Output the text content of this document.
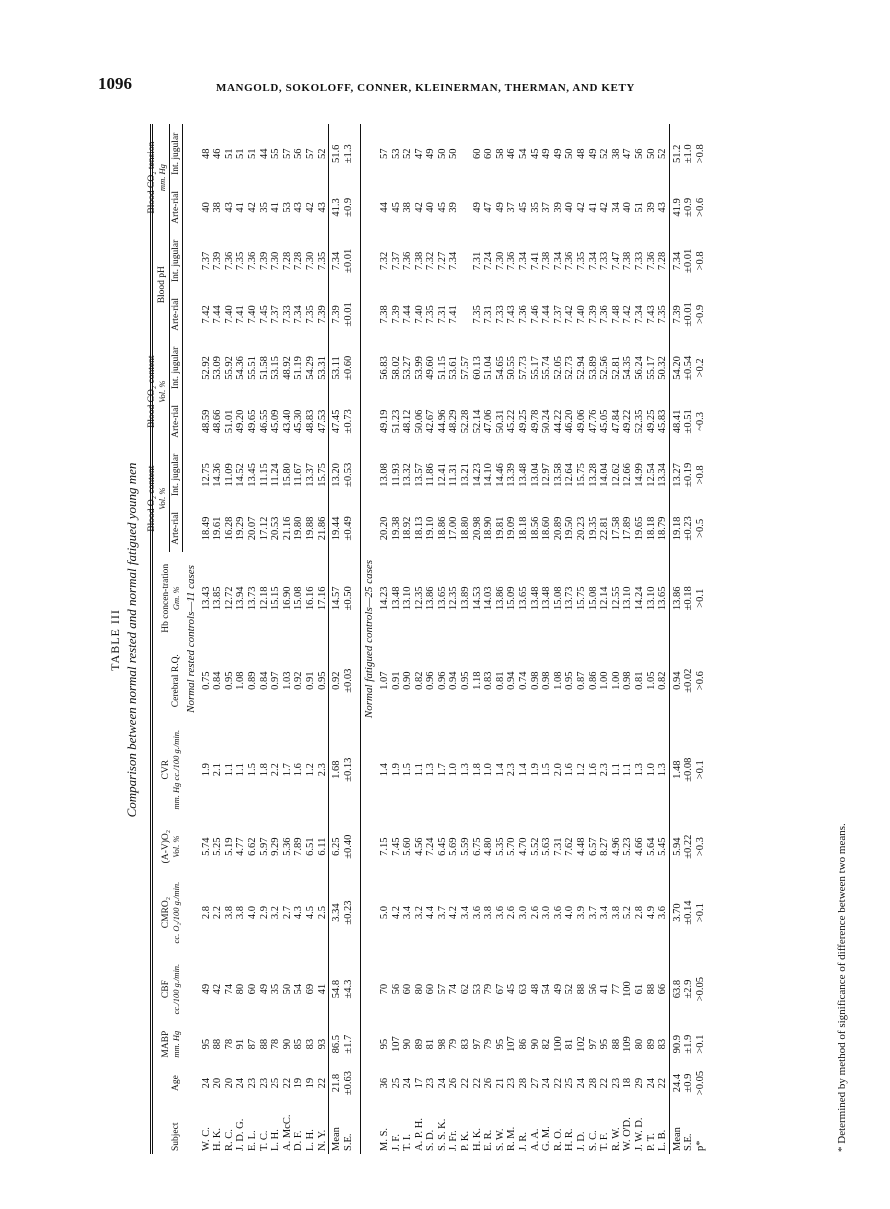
1096	MANGOLD, SOKOLOFF, CONNER, KLEINERMAN, THERMAN, AND KETY
TABLE III Comparison between normal rested and normal fatigued young men
Subject	Age	MABP mm. Hg	CBF cc./100 g./min.	CMRO₂ cc. O₂/100 g./min.	(A-V)O₂ Vol. %	CVR mm. Hg cc./100 g./min.	Cerebral R.Q.	Hb concen-tration Gm. %	Blood O₂ content Vol. %		Blood CO₂ content Vol. %		Blood pH		Blood CO₂ tension mm. Hg	

									Arte-rial	Int. jugular	Arte-rial	Int. jugular	Arte-rial	Int. jugular	Arte-rial	Int. jugular
Normal rested controls—11 cases																
W. C.	24	95	49	2.8	5.74	1.9	0.75	13.43	18.49	12.75	48.59	52.92	7.42	7.37	40	48
H. K.	20	88	42	2.2	5.25	2.1	0.84	13.85	19.61	14.36	48.66	53.09	7.44	7.39	38	46
R. C.	20	78	74	3.8	5.19	1.1	0.95	12.72	16.28	11.09	51.01	55.92	7.40	7.36	43	51
J. D. G.	24	91	80	3.8	4.77	1.1	1.08	13.94	19.29	14.52	49.20	54.36	7.41	7.35	41	51
E. L.	23	87	60	4.0	6.62	1.5	0.89	13.73	20.07	13.45	49.65	55.51	7.40	7.36	42	51
T. C.	23	88	49	2.9	5.97	1.8	0.84	12.18	17.12	11.15	46.55	51.58	7.45	7.39	35	44
L. H.	25	78	35	3.2	9.29	2.2	0.97	15.15	20.53	11.24	45.09	53.15	7.37	7.30	41	55
A. McC.	22	90	50	2.7	5.36	1.7	1.03	16.90	21.16	15.80	43.40	48.92	7.33	7.28	53	57
D. F.	19	85	54	4.3	7.89	1.6	0.92	15.08	19.80	11.67	45.30	51.19	7.34	7.28	43	56
L. H.	19	83	69	4.5	6.51	1.2	0.91	16.16	19.88	13.37	48.83	54.29	7.35	7.30	42	57
N. Y.	22	93	41	2.5	6.11	2.3	0.95	17.16	21.86	15.75	47.53	53.31	7.39	7.35	43	52
Mean	21.8	86.5	54.8	3.34	6.25	1.68	0.92	14.57	19.44	13.20	47.45	53.11	7.39	7.34	41.3	51.6
S.E.	±0.63	±1.7	±4.3	±0.23	±0.40	±0.13	±0.03	±0.50	±0.49	±0.53	±0.73	±0.60	±0.01	±0.01	±0.9	±1.3

Normal fatigued controls—25 cases																
M. S.	36	95	70	5.0	7.15	1.4	1.07	14.23	20.20	13.08	49.19	56.83	7.38	7.32	44	57
J. F.	25	107	56	4.2	7.45	1.9	0.91	13.48	19.38	11.93	51.23	58.02	7.39	7.37	45	53
T. I.	24	90	60	3.4	5.60	1.5	0.90	13.10	18.92	13.32	48.12	53.27	7.44	7.36	38	52
A. P. H.	17	89	80	3.2	4.56	1.1	0.82	12.35	18.13	13.57	50.06	53.99	7.40	7.38	42	47
S. D.	23	81	60	4.4	7.24	1.3	0.96	13.86	19.10	11.86	42.67	49.60	7.35	7.32	40	49
S. S. K.	24	98	57	3.7	6.45	1.7	0.96	13.65	18.86	12.41	44.96	51.15	7.31	7.27	45	50
J. Fr.	26	79	74	4.2	5.69	1.0	0.94	12.35	17.00	11.31	48.29	53.61	7.41	7.34	39	50
P. K.	22	83	62	3.4	5.59	1.3	0.95	13.89	18.80	13.21	52.28	57.57				
H. K.	22	97	53	3.6	6.75	1.8	1.18	14.53	20.98	14.23	52.14	60.13	7.35	7.31	49	60
E. R.	26	79	79	3.8	4.80	1.0	0.83	14.03	18.90	14.10	47.06	51.04	7.31	7.24	47	60
S. W.	21	95	67	3.6	5.35	1.4	0.81	13.86	19.81	14.46	50.31	54.65	7.33	7.30	49	58
R. M.	23	107	45	2.6	5.70	2.3	0.94	15.09	19.09	13.39	45.22	50.55	7.43	7.36	37	46
J. R.	28	86	63	3.0	4.70	1.4	0.74	13.65	18.18	13.48	49.25	57.73	7.36	7.34	45	54
A. A.	27	90	48	2.6	5.52	1.9	0.98	13.48	18.56	13.04	49.78	55.17	7.46	7.41	35	45
G. M.	24	82	54	3.0	5.63	1.5	0.98	13.48	18.60	12.97	50.24	55.74	7.44	7.38	37	49
R. O.	22	100	49	3.6	7.31	2.0	1.08	15.08	20.89	13.58	44.22	52.05	7.37	7.34	39	49
H. R.	25	81	52	4.0	7.62	1.6	0.95	13.73	19.50	12.64	46.20	52.73	7.42	7.36	40	50
J. D.	24	102	88	3.9	4.48	1.2	0.87	15.75	20.23	15.75	49.06	52.94	7.40	7.35	42	48
S. C.	28	97	56	3.7	6.57	1.6	0.86	15.08	19.35	13.28	47.76	53.89	7.39	7.34	41	49
T. F.	22	95	41	3.4	8.27	2.3	1.00	12.14	22.81	14.04	45.05	52.56	7.36	7.33	42	52
R. W.	23	88	77	3.8	4.96	1.1	1.00	12.55	17.58	12.62	47.84	52.81	7.48	7.47	34	38
W. O'D.	18	109	100	5.2	5.23	1.1	0.98	13.10	17.89	12.66	49.22	54.35	7.42	7.38	40	47
J. W. D.	29	80	61	2.8	4.66	1.3	0.81	14.24	19.65	14.99	52.35	56.24	7.34	7.33	51	56
P. T.	24	89	88	4.9	5.64	1.0	1.05	13.10	18.18	12.54	49.25	55.17	7.43	7.36	39	50
L. B.	22	83	66	3.6	5.45	1.3	0.82	13.65	18.79	13.34	45.83	50.32	7.35	7.28	43	52
Mean	24.4	90.9	63.8	3.70	5.94	1.48	0.94	13.86	19.18	13.27	48.41	54.20	7.39	7.34	41.9	51.2
S.E.	±0.9	±1.9	±2.9	±0.14	±0.22	±0.08	±0.02	±0.18	±0.23	±0.19	±0.51	±0.54	±0.01	±0.01	±0.9	±1.0
p*	>0.05	>0.1	>0.05	>0.1	>0.3	>0.1	>0.6	>0.1	>0.5	>0.8	~0.3	>0.2	>0.9	>0.8	>0.6	>0.8
* Determined by method of significance of difference between two means.
